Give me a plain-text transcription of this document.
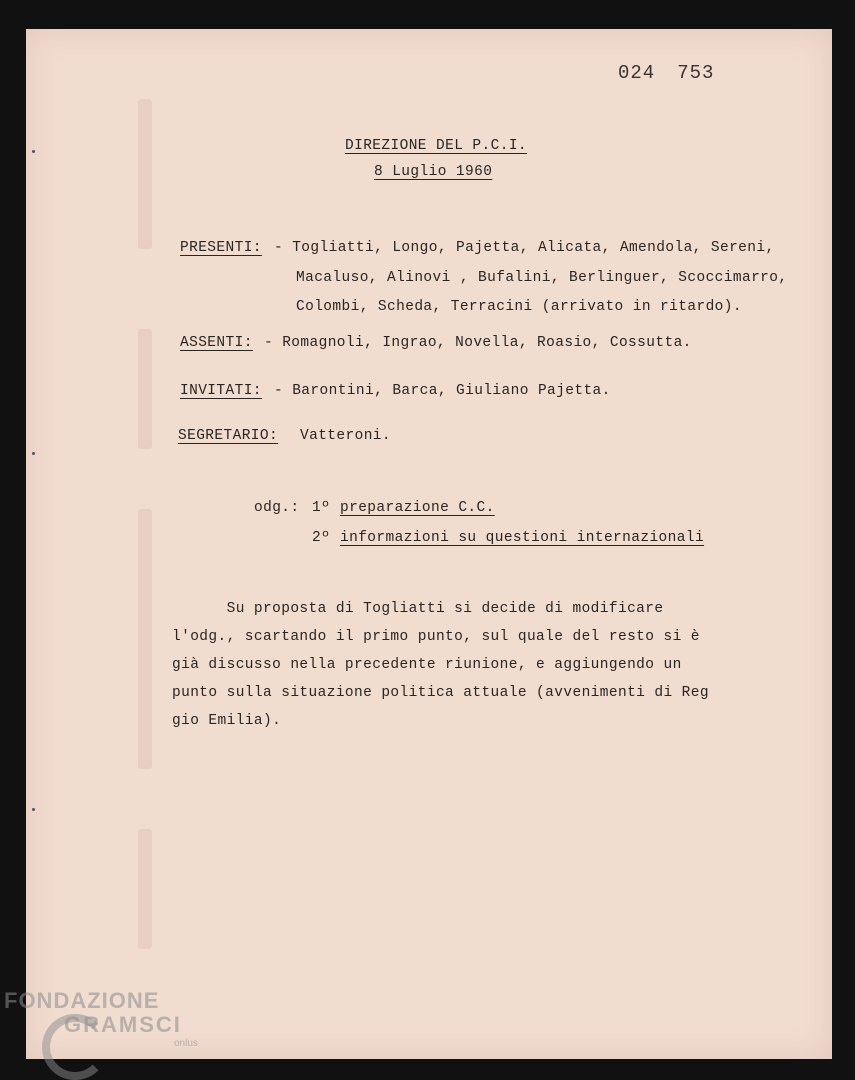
024 753
DIREZIONE DEL P.C.I.
8 Luglio 1960
PRESENTI: - Togliatti, Longo, Pajetta, Alicata, Amendola, Sereni,
Macaluso, Alinovi , Bufalini, Berlinguer, Scoccimarro,
Colombi, Scheda, Terracini (arrivato in ritardo).
ASSENTI: - Romagnoli, Ingrao, Novella, Roasio, Cossutta.
INVITATI: - Barontini, Barca, Giuliano Pajetta.
SEGRETARIO: Vatteroni.
odg.: 1º preparazione C.C.
2º informazioni su questioni internazionali
Su proposta di Togliatti si decide di modificare
l'odg., scartando il primo punto, sul quale del resto si è
già discusso nella precedente riunione, e aggiungendo un
punto sulla situazione politica attuale (avvenimenti di Reg
gio Emilia).
FONDAZIONE
GRAMSCI
onlus
